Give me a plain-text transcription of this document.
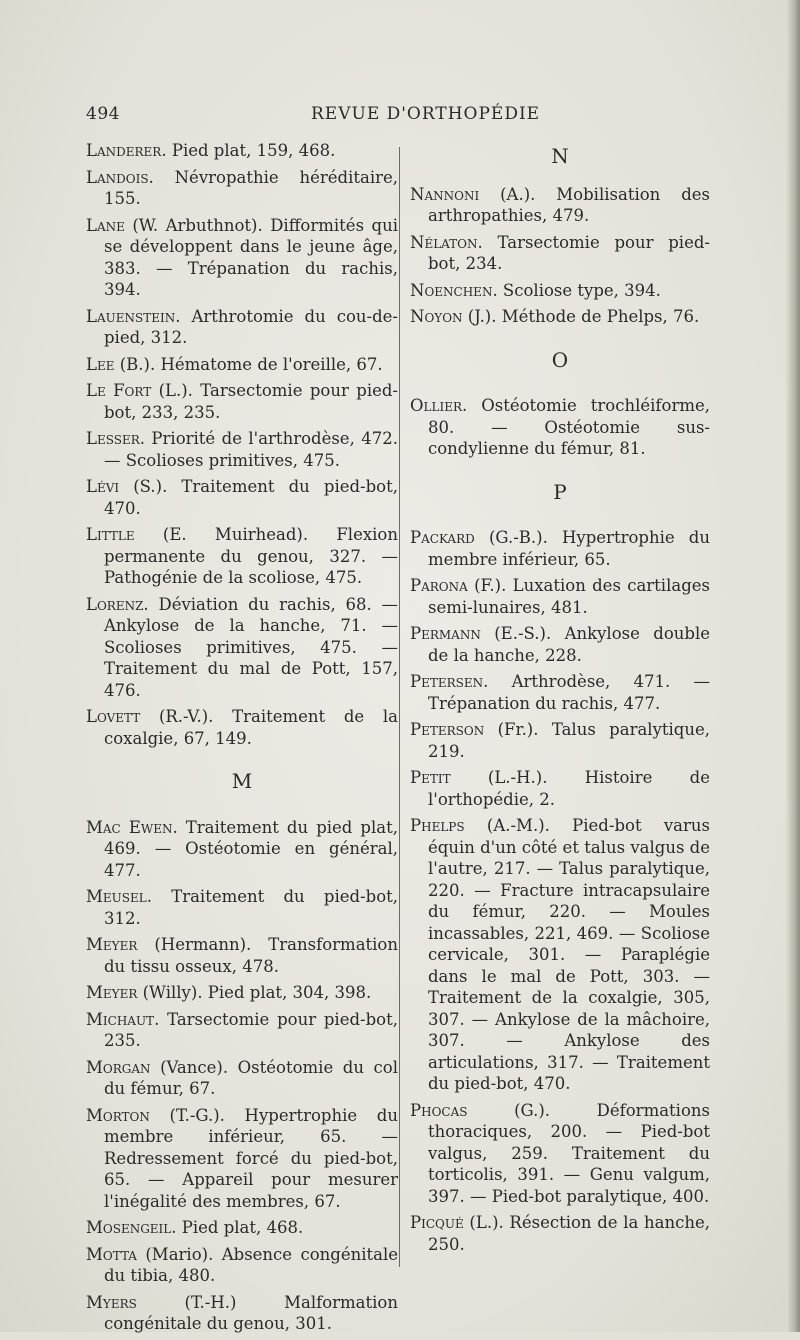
494	REVUE D'ORTHOPÉDIE
Landerer. Pied plat, 159, 468.
Landois. Névropathie héréditaire, 155.
Lane (W. Arbuthnot). Difformités qui se développent dans le jeune âge, 383. — Trépanation du rachis, 394.
Lauenstein. Arthrotomie du cou-de-pied, 312.
Lee (B.). Hématome de l'oreille, 67.
Le Fort (L.). Tarsectomie pour pied-bot, 233, 235.
Lesser. Priorité de l'arthrodèse, 472. — Scolioses primitives, 475.
Lévi (S.). Traitement du pied-bot, 470.
Little (E. Muirhead). Flexion permanente du genou, 327. — Pathogénie de la scoliose, 475.
Lorenz. Déviation du rachis, 68. — Ankylose de la hanche, 71. — Scolioses primitives, 475. — Traitement du mal de Pott, 157, 476.
Lovett (R.-V.). Traitement de la coxalgie, 67, 149.
M
Mac Ewen. Traitement du pied plat, 469. — Ostéotomie en général, 477.
Meusel. Traitement du pied-bot, 312.
Meyer (Hermann). Transformation du tissu osseux, 478.
Meyer (Willy). Pied plat, 304, 398.
Michaut. Tarsectomie pour pied-bot, 235.
Morgan (Vance). Ostéotomie du col du fémur, 67.
Morton (T.-G.). Hypertrophie du membre inférieur, 65. — Redressement forcé du pied-bot, 65. — Appareil pour mesurer l'inégalité des membres, 67.
Mosengeil. Pied plat, 468.
Motta (Mario). Absence congénitale du tibia, 480.
Myers (T.-H.) Malformation congénitale du genou, 301.
N
Nannoni (A.). Mobilisation des arthropathies, 479.
Nélaton. Tarsectomie pour pied-bot, 234.
Noenchen. Scoliose type, 394.
Noyon (J.). Méthode de Phelps, 76.
O
Ollier. Ostéotomie trochléiforme, 80. — Ostéotomie sus-condylienne du fémur, 81.
P
Packard (G.-B.). Hypertrophie du membre inférieur, 65.
Parona (F.). Luxation des cartilages semi-lunaires, 481.
Permann (E.-S.). Ankylose double de la hanche, 228.
Petersen. Arthrodèse, 471. — Trépanation du rachis, 477.
Peterson (Fr.). Talus paralytique, 219.
Petit (L.-H.). Histoire de l'orthopédie, 2.
Phelps (A.-M.). Pied-bot varus équin d'un côté et talus valgus de l'autre, 217. — Talus paralytique, 220. — Fracture intracapsulaire du fémur, 220. — Moules incassables, 221, 469. — Scoliose cervicale, 301. — Paraplégie dans le mal de Pott, 303. — Traitement de la coxalgie, 305, 307. — Ankylose de la mâchoire, 307. — Ankylose des articulations, 317. — Traitement du pied-bot, 470.
Phocas (G.). Déformations thoraciques, 200. — Pied-bot valgus, 259. Traitement du torticolis, 391. — Genu valgum, 397. — Pied-bot paralytique, 400.
Picqué (L.). Résection de la hanche, 250.
